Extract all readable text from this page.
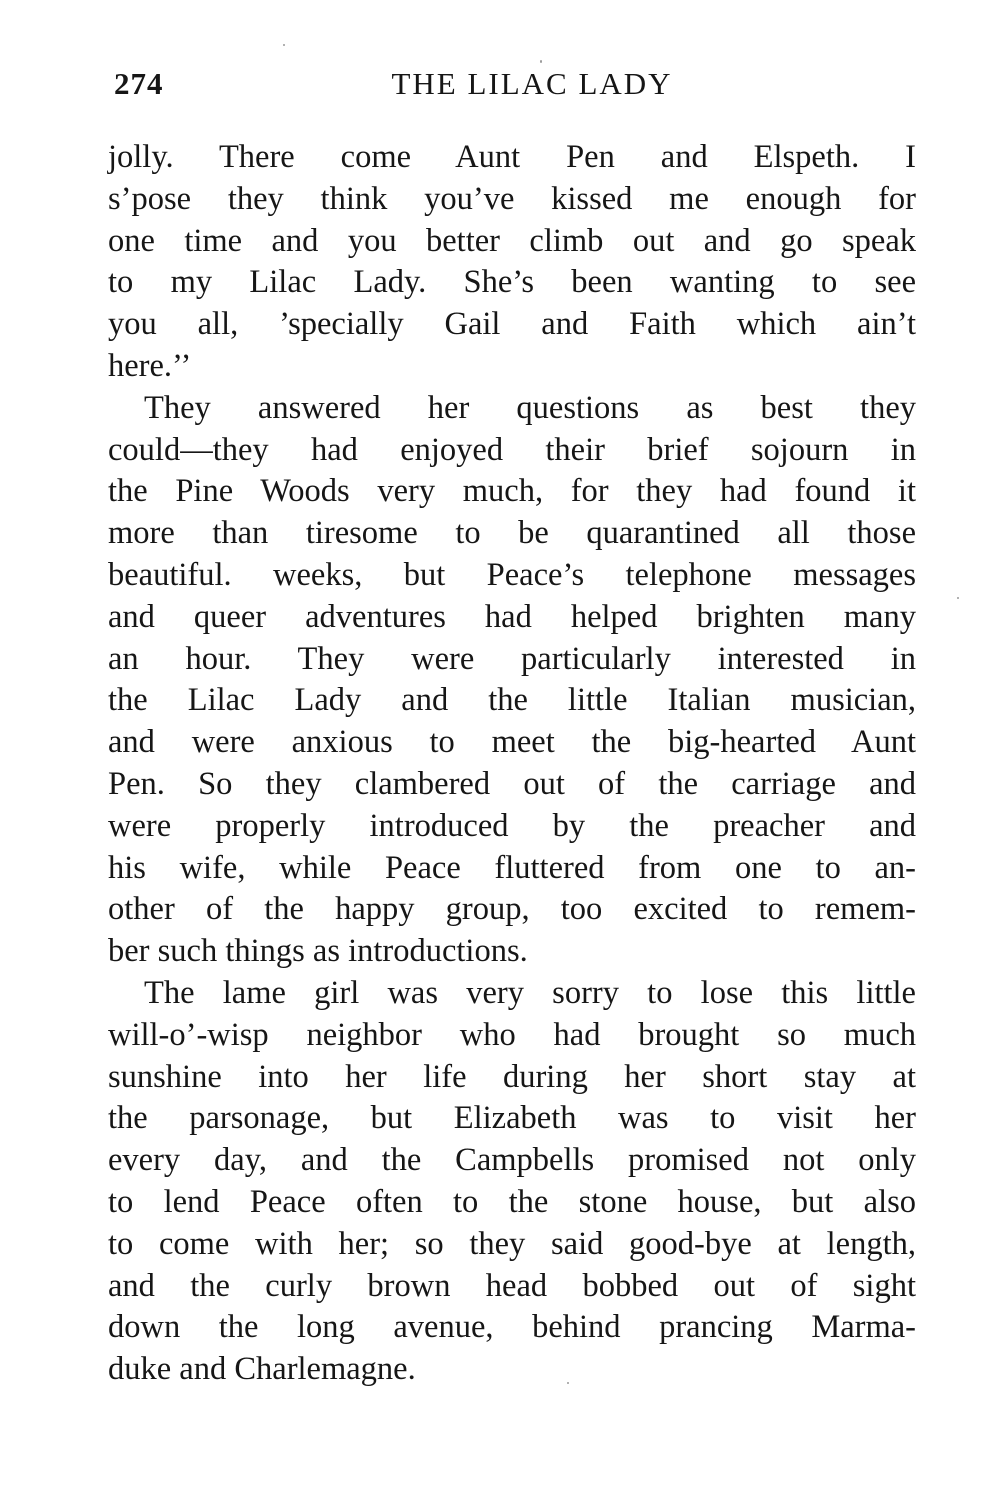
274	THE LILAC LADY
jolly. There come Aunt Pen and Elspeth. I
s’pose they think you’ve kissed me enough for
one time and you better climb out and go speak
to my Lilac Lady. She’s been wanting to see
you all, ’specially Gail and Faith which ain’t
here.’’
They answered her questions as best they
could—they had enjoyed their brief sojourn in
the Pine Woods very much, for they had found it
more than tiresome to be quarantined all those
beautiful. weeks, but Peace’s telephone messages
and queer adventures had helped brighten many
an hour. They were particularly interested in
the Lilac Lady and the little Italian musician,
and were anxious to meet the big-hearted Aunt
Pen. So they clambered out of the carriage and
were properly introduced by the preacher and
his wife, while Peace fluttered from one to an-
other of the happy group, too excited to remem-
ber such things as introductions.
The lame girl was very sorry to lose this little
will-o’-wisp neighbor who had brought so much
sunshine into her life during her short stay at
the parsonage, but Elizabeth was to visit her
every day, and the Campbells promised not only
to lend Peace often to the stone house, but also
to come with her; so they said good-bye at length,
and the curly brown head bobbed out of sight
down the long avenue, behind prancing Marma-
duke and Charlemagne.
